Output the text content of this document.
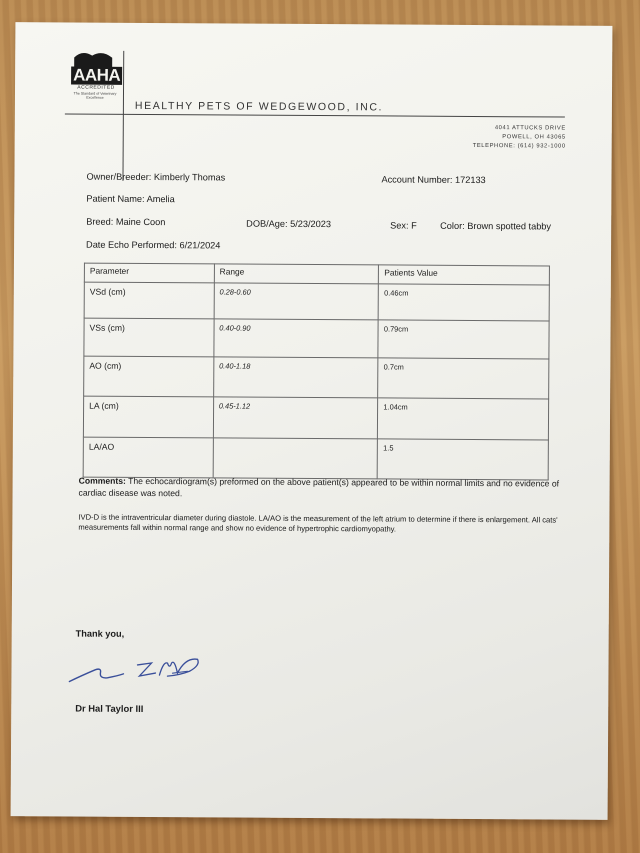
AAHA
ACCREDITED
The Standard of Veterinary Excellence
HEALTHY PETS OF WEDGEWOOD, INC.
4041 ATTUCKS DRIVE
POWELL, OH 43065
TELEPHONE: (614) 932-1000
Owner/Breeder: Kimberly Thomas	Account Number: 172133
Patient Name: Amelia
Breed: Maine Coon	DOB/Age: 5/23/2023	Sex: F	Color: Brown spotted tabby
Date Echo Performed: 6/21/2024
Parameter	Range	Patients Value
VSd (cm)	0.28-0.60	0.46cm
VSs (cm)	0.40-0.90	0.79cm
AO (cm)	0.40-1.18	0.7cm
LA (cm)	0.45-1.12	1.04cm
LA/AO		1.5
Comments: The echocardiogram(s) preformed on the above patient(s) appeared to be within normal limits and no evidence of cardiac disease was noted.
IVD-D is the intraventricular diameter during diastole. LA/AO is the measurement of the left atrium to determine if there is enlargement. All cats' measurements fall within normal range and show no evidence of hypertrophic cardiomyopathy.
Thank you,
Dr Hal Taylor III
